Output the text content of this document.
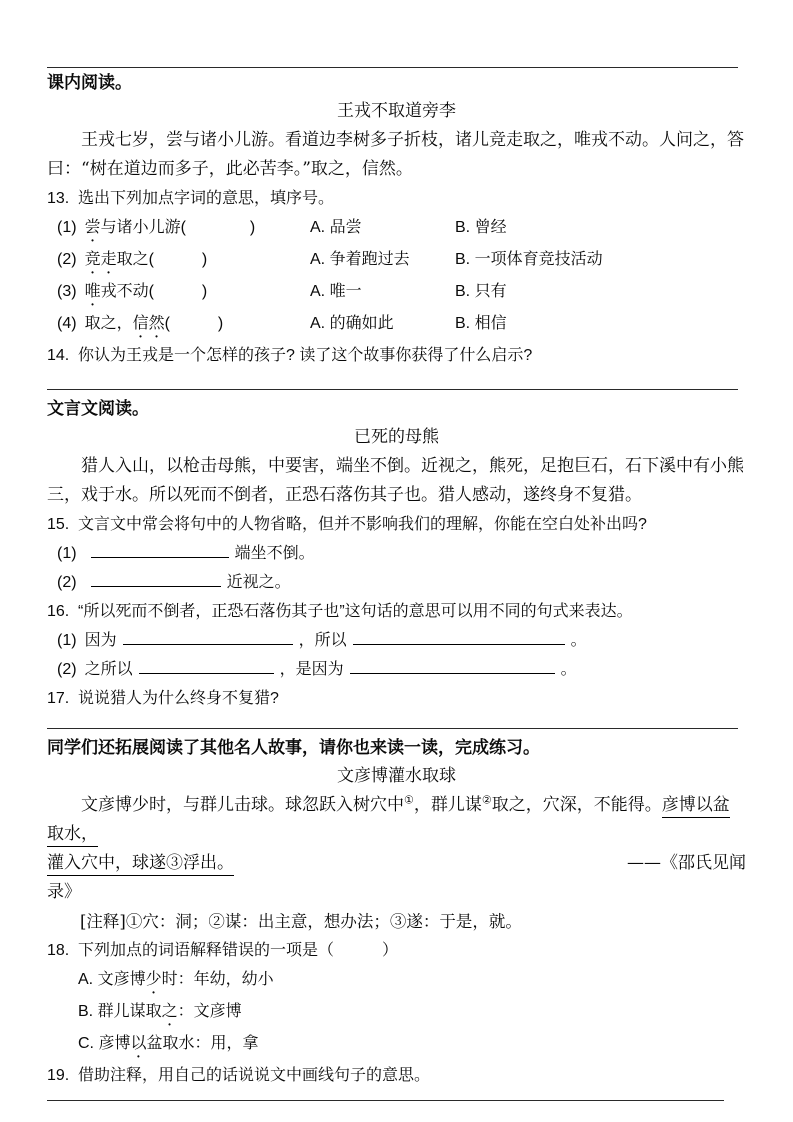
课内阅读。
王戎不取道旁李

王戎七岁，尝与诸小儿游。看道边李树多子折枝，诸儿竞走取之，唯戎不动。人问之，答曰：“树在道边而多子，此必苦李。”取之，信然。

13. 选出下列加点字词的意思，填序号。
(1) 尝与诸小儿游(　　　　)	A. 品尝	B. 曾经
(2) 竞走取之(　　　)	A. 争着跑过去	B. 一项体育竞技活动
(3) 唯戎不动(　　　)	A. 唯一	B. 只有
(4) 取之，信然(　　　)	A. 的确如此	B. 相信
14. 你认为王戎是一个怎样的孩子? 读了这个故事你获得了什么启示?
文言文阅读。
已死的母熊

猎人入山，以枪击母熊，中要害，端坐不倒。近视之，熊死，足抱巨石，石下溪中有小熊三，戏于水。所以死而不倒者，正恐石落伤其子也。猎人感动，遂终身不复猎。

15. 文言文中常会将句中的人物省略，但并不影响我们的理解，你能在空白处补出吗?
(1)	端坐不倒。
(2)	近视之。
16. “所以死而不倒者，正恐石落伤其子也”这句话的意思可以用不同的句式来表达。
(1) 因为	，所以	。
(2) 之所以	，是因为	。
17. 说说猎人为什么终身不复猎?
同学们还拓展阅读了其他名人故事，请你也来读一读，完成练习。
文彦博灌水取球
文彦博少时，与群儿击球。球忽跃入树穴中①，群儿谋②取之，穴深，不能得。彦博以盆取水，
灌入穴中，球遂③浮出。	——《邵氏见闻
录》

[注释]①穴：洞；②谋：出主意，想办法；③遂：于是，就。

18. 下列加点的词语解释错误的一项是（　　　）
A. 文彦博少时：年幼，幼小
B. 群儿谋取之：文彦博
C. 彦博以盆取水：用，拿
19. 借助注释，用自己的话说说文中画线句子的意思。
